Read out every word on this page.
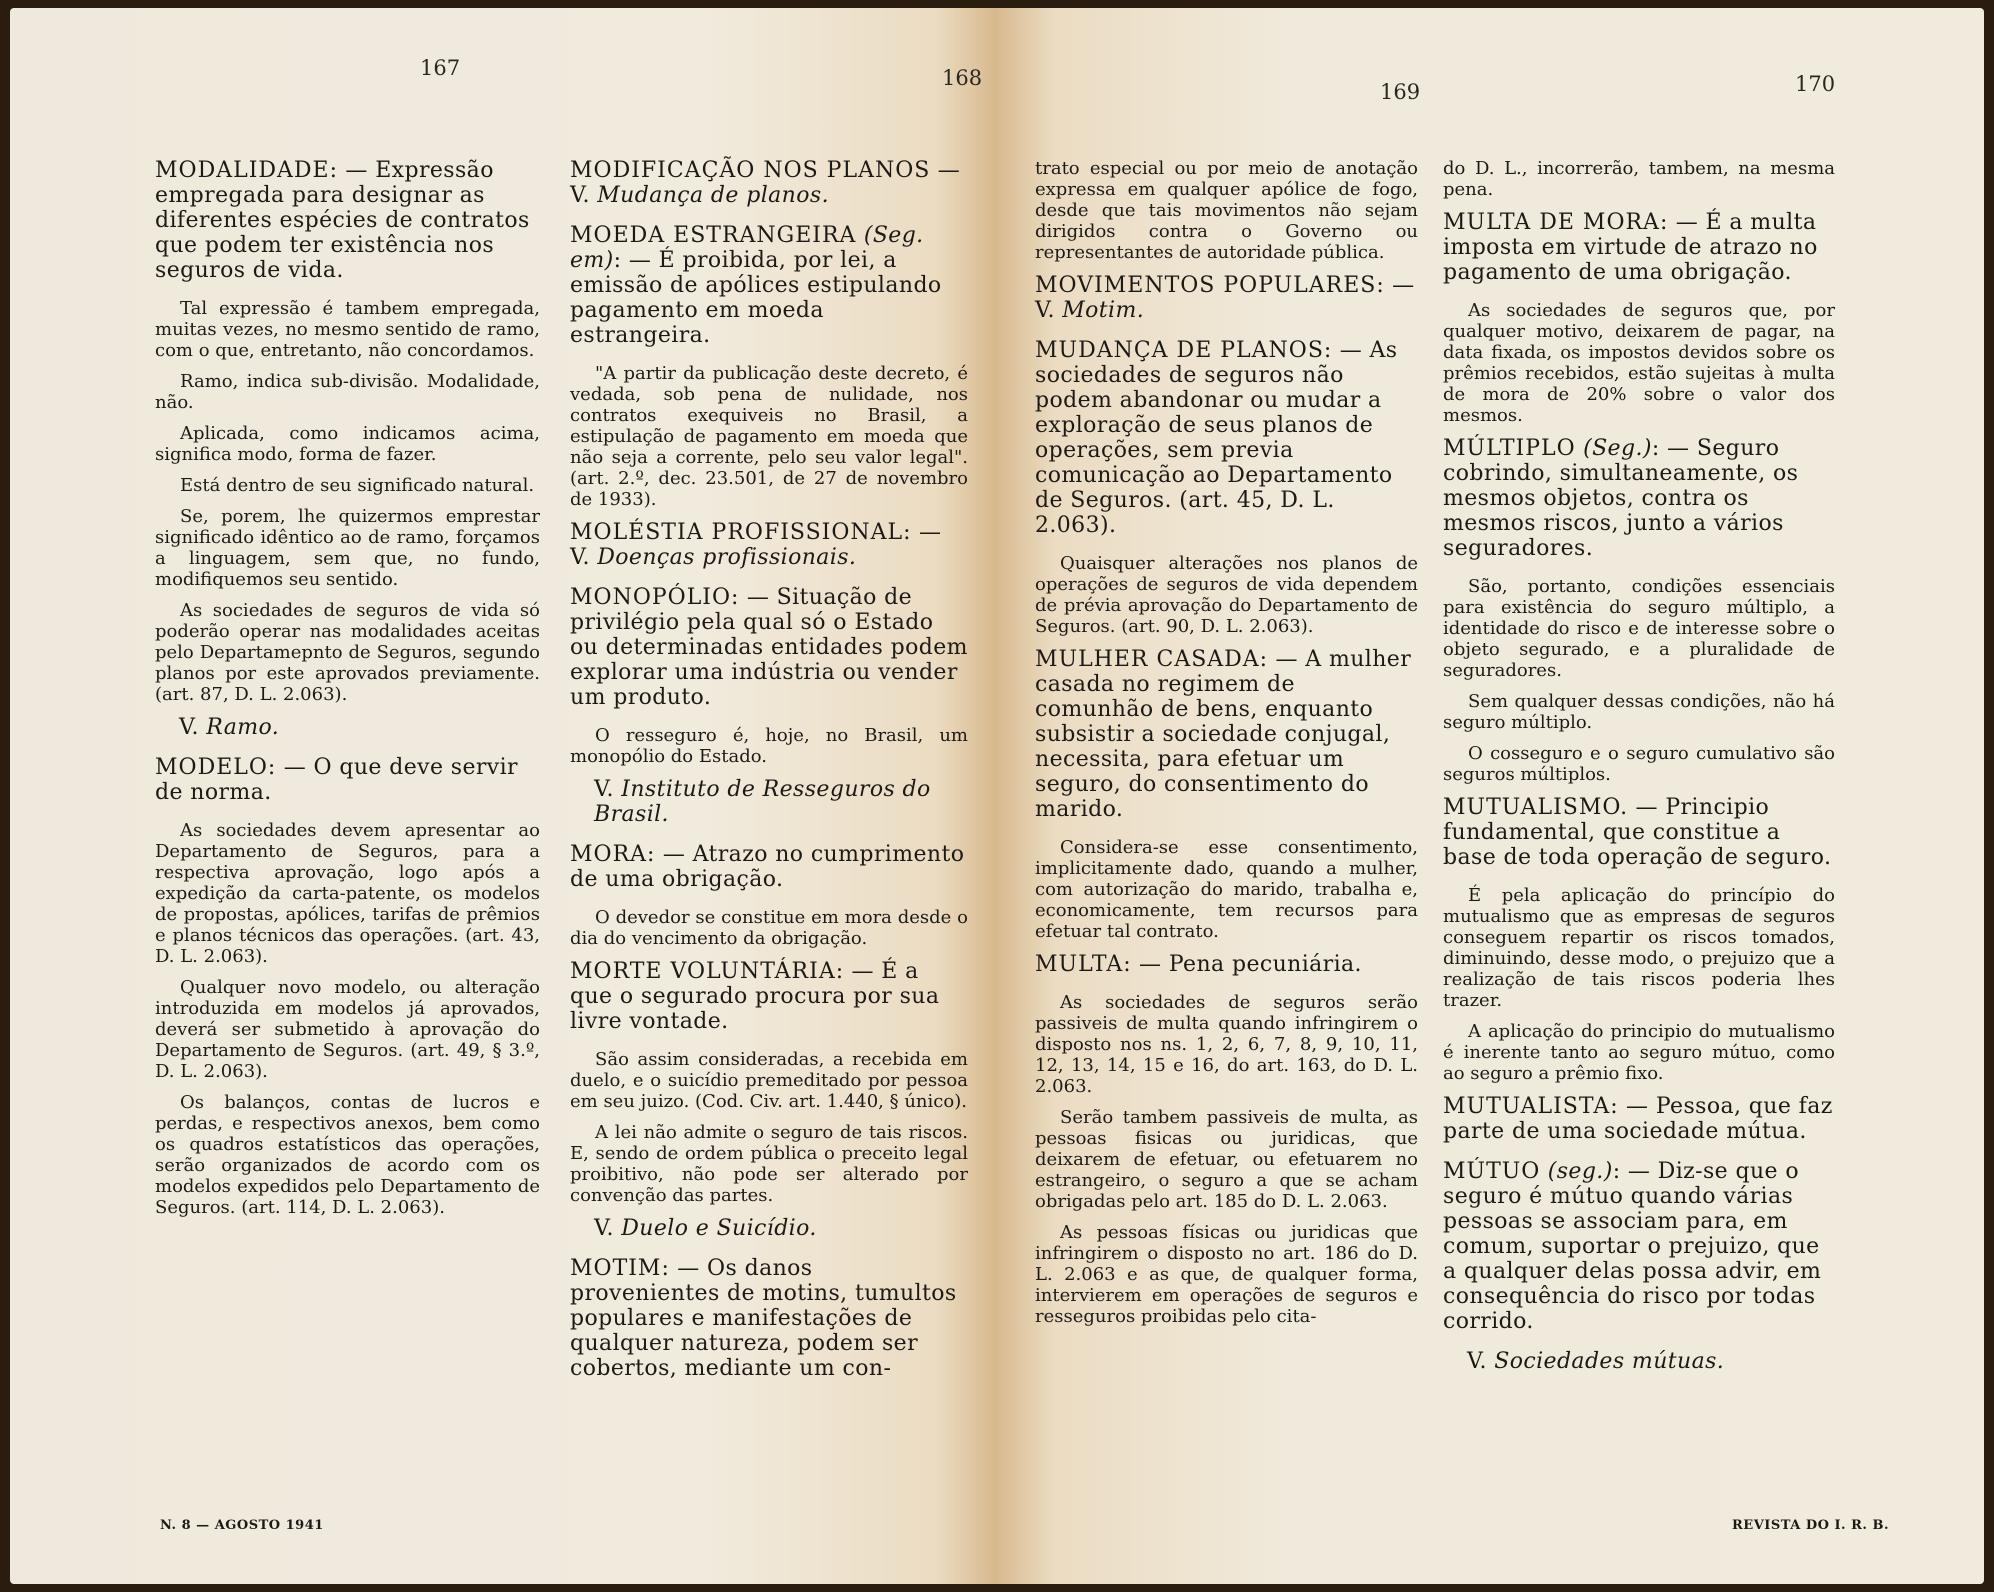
167	168

MODALIDADE: — Expressão empregada para designar as diferentes espécies de contratos que podem ter existência nos seguros de vida.

Tal expressão é tambem empregada, muitas vezes, no mesmo sentido de ramo, com o que, entretanto, não concordamos.

Ramo, indica sub-divisão. Modalidade, não.

Aplicada, como indicamos acima, significa modo, forma de fazer.

Está dentro de seu significado natural.

Se, porem, lhe quizermos emprestar significado idêntico ao de ramo, forçamos a linguagem, sem que, no fundo, modifiquemos seu sentido.

As sociedades de seguros de vida só poderão operar nas modalidades aceitas pelo Departamepnto de Seguros, segundo planos por este aprovados previamente. (art. 87, D. L. 2.063).

V. Ramo.

MODELO: — O que deve servir de norma.

As sociedades devem apresentar ao Departamento de Seguros, para a respectiva aprovação, logo após a expedição da carta-patente, os modelos de propostas, apólices, tarifas de prêmios e planos técnicos das operações. (art. 43, D. L. 2.063).

Qualquer novo modelo, ou alteração introduzida em modelos já aprovados, deverá ser submetido à aprovação do Departamento de Seguros. (art. 49, § 3.º, D. L. 2.063).

Os balanços, contas de lucros e perdas, e respectivos anexos, bem como os quadros estatísticos das operações, serão organizados de acordo com os modelos expedidos pelo Departamento de Seguros. (art. 114, D. L. 2.063).

MODIFICAÇÃO NOS PLANOS — V. Mudança de planos.

MOEDA ESTRANGEIRA (Seg. em): — É proibida, por lei, a emissão de apólices estipulando pagamento em moeda estrangeira.

"A partir da publicação deste decreto, é vedada, sob pena de nulidade, nos contratos exequiveis no Brasil, a estipulação de pagamento em moeda que não seja a corrente, pelo seu valor legal". (art. 2.º, dec. 23.501, de 27 de novembro de 1933).

MOLÉSTIA PROFISSIONAL: — V. Doenças profissionais.

MONOPÓLIO: — Situação de privilégio pela qual só o Estado ou determinadas entidades podem explorar uma indústria ou vender um produto.

O resseguro é, hoje, no Brasil, um monopólio do Estado.

V. Instituto de Resseguros do Brasil.

MORA: — Atrazo no cumprimento de uma obrigação.

O devedor se constitue em mora desde o dia do vencimento da obrigação.

MORTE VOLUNTÁRIA: — É a que o segurado procura por sua livre vontade.

São assim consideradas, a recebida em duelo, e o suicídio premeditado por pessoa em seu juizo. (Cod. Civ. art. 1.440, § único).

A lei não admite o seguro de tais riscos. E, sendo de ordem pública o preceito legal proibitivo, não pode ser alterado por convenção das partes.

V. Duelo e Suicídio.

MOTIM: — Os danos provenientes de motins, tumultos populares e manifestações de qualquer natureza, podem ser cobertos, mediante um con-

N. 8 — AGOSTO 1941
169	170

trato especial ou por meio de anotação expressa em qualquer apólice de fogo, desde que tais movimentos não sejam dirigidos contra o Governo ou representantes de autoridade pública.

MOVIMENTOS POPULARES: — V. Motim.

MUDANÇA DE PLANOS: — As sociedades de seguros não podem abandonar ou mudar a exploração de seus planos de operações, sem previa comunicação ao Departamento de Seguros. (art. 45, D. L. 2.063).

Quaisquer alterações nos planos de operações de seguros de vida dependem de prévia aprovação do Departamento de Seguros. (art. 90, D. L. 2.063).

MULHER CASADA: — A mulher casada no regimem de comunhão de bens, enquanto subsistir a sociedade conjugal, necessita, para efetuar um seguro, do consentimento do marido.

Considera-se esse consentimento, implicitamente dado, quando a mulher, com autorização do marido, trabalha e, economicamente, tem recursos para efetuar tal contrato.

MULTA: — Pena pecuniária.

As sociedades de seguros serão passiveis de multa quando infringirem o disposto nos ns. 1, 2, 6, 7, 8, 9, 10, 11, 12, 13, 14, 15 e 16, do art. 163, do D. L. 2.063.

Serão tambem passiveis de multa, as pessoas fisicas ou juridicas, que deixarem de efetuar, ou efetuarem no estrangeiro, o seguro a que se acham obrigadas pelo art. 185 do D. L. 2.063.

As pessoas físicas ou juridicas que infringirem o disposto no art. 186 do D. L. 2.063 e as que, de qualquer forma, intervierem em operações de seguros e resseguros proibidas pelo cita-

do D. L., incorrerão, tambem, na mesma pena.

MULTA DE MORA: — É a multa imposta em virtude de atrazo no pagamento de uma obrigação.

As sociedades de seguros que, por qualquer motivo, deixarem de pagar, na data fixada, os impostos devidos sobre os prêmios recebidos, estão sujeitas à multa de mora de 20% sobre o valor dos mesmos.

MÚLTIPLO (Seg.): — Seguro cobrindo, simultaneamente, os mesmos objetos, contra os mesmos riscos, junto a vários seguradores.

São, portanto, condições essenciais para existência do seguro múltiplo, a identidade do risco e de interesse sobre o objeto segurado, e a pluralidade de seguradores.

Sem qualquer dessas condições, não há seguro múltiplo.

O cosseguro e o seguro cumulativo são seguros múltiplos.

MUTUALISMO. — Principio fundamental, que constitue a base de toda operação de seguro.

É pela aplicação do princípio do mutualismo que as empresas de seguros conseguem repartir os riscos tomados, diminuindo, desse modo, o prejuizo que a realização de tais riscos poderia lhes trazer.

A aplicação do principio do mutualismo é inerente tanto ao seguro mútuo, como ao seguro a prêmio fixo.

MUTUALISTA: — Pessoa, que faz parte de uma sociedade mútua.

MÚTUO (seg.): — Diz-se que o seguro é mútuo quando várias pessoas se associam para, em comum, suportar o prejuizo, que a qualquer delas possa advir, em consequência do risco por todas corrido.

V. Sociedades mútuas.

REVISTA DO I. R. B.
